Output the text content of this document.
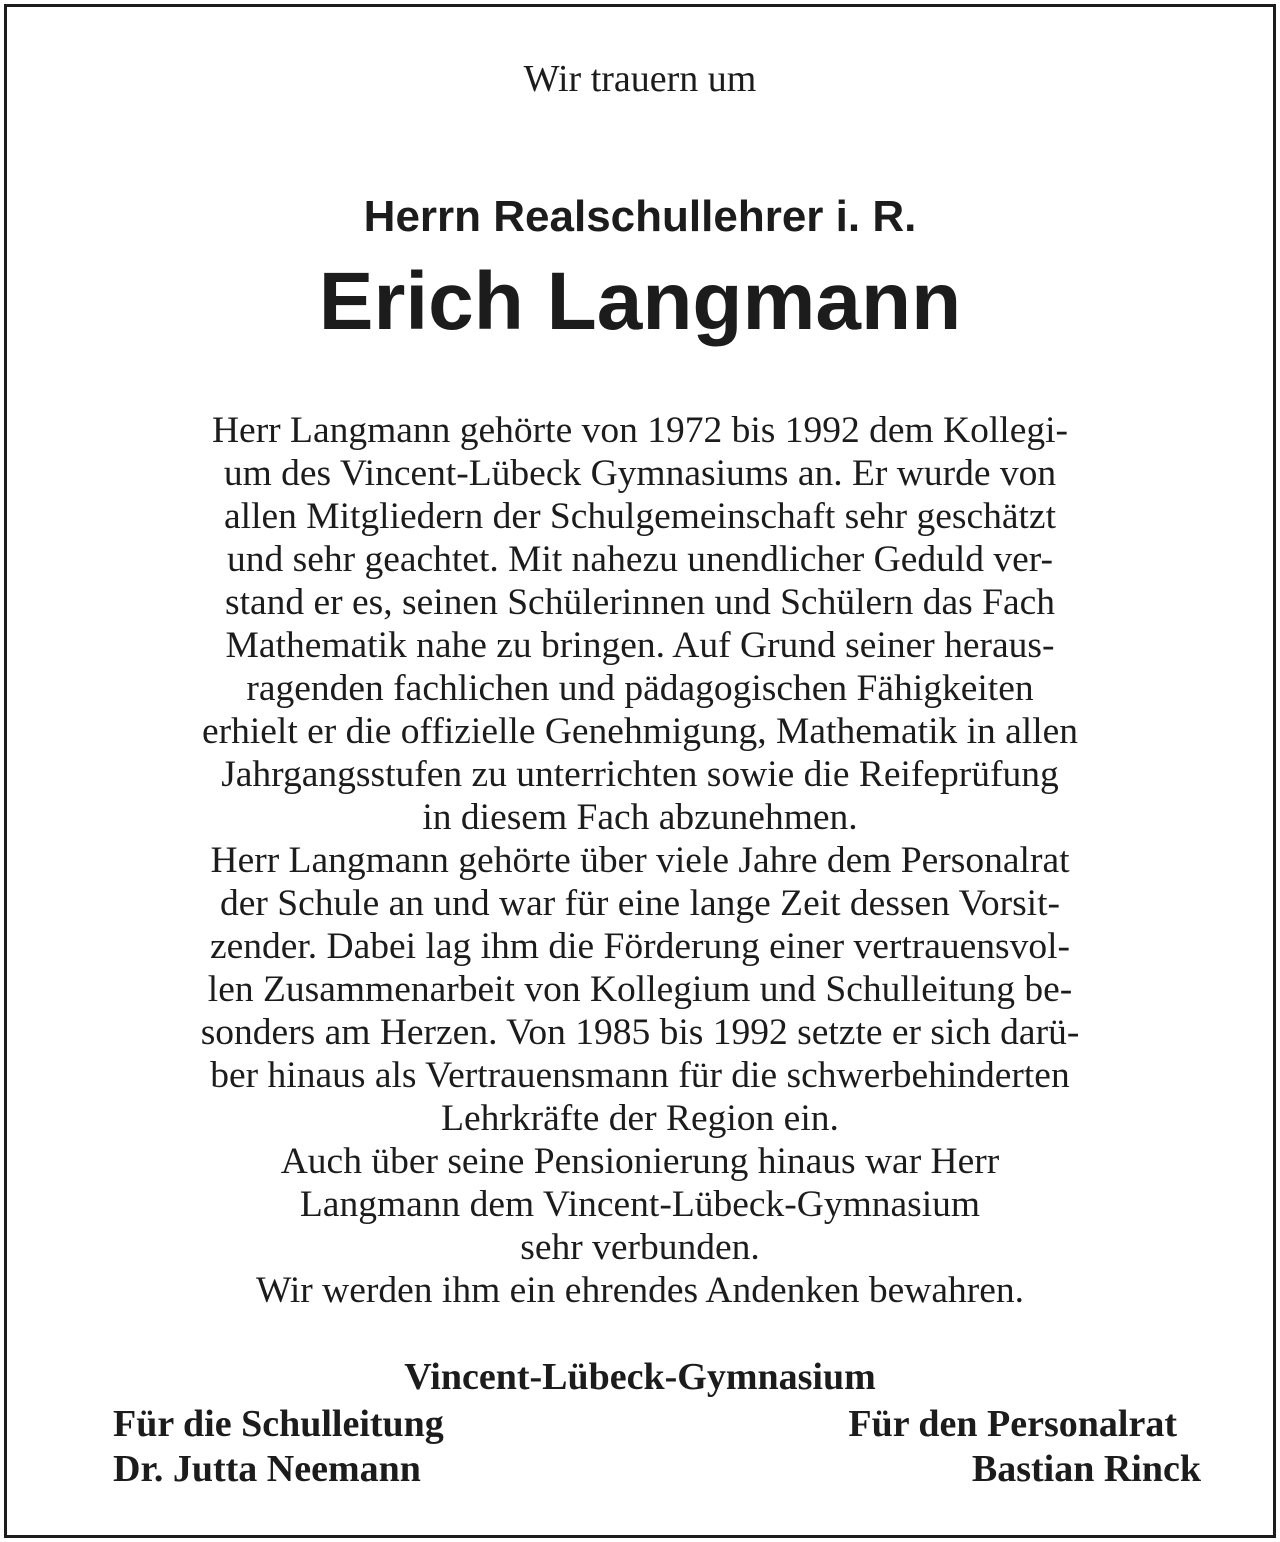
Wir trauern um
Herrn Realschullehrer i. R.
Erich Langmann
Herr Langmann gehörte von 1972 bis 1992 dem Kollegi-
um des Vincent-Lübeck Gymnasiums an. Er wurde von
allen Mitgliedern der Schulgemeinschaft sehr geschätzt
und sehr geachtet. Mit nahezu unendlicher Geduld ver-
stand er es, seinen Schülerinnen und Schülern das Fach
Mathematik nahe zu bringen. Auf Grund seiner heraus-
ragenden fachlichen und pädagogischen Fähigkeiten
erhielt er die offizielle Genehmigung, Mathematik in allen
Jahrgangsstufen zu unterrichten sowie die Reifeprüfung
in diesem Fach abzunehmen.
Herr Langmann gehörte über viele Jahre dem Personalrat
der Schule an und war für eine lange Zeit dessen Vorsit-
zender. Dabei lag ihm die Förderung einer vertrauensvol-
len Zusammenarbeit von Kollegium und Schulleitung be-
sonders am Herzen. Von 1985 bis 1992 setzte er sich darü-
ber hinaus als Vertrauensmann für die schwerbehinderten
Lehrkräfte der Region ein.
Auch über seine Pensionierung hinaus war Herr
Langmann dem Vincent-Lübeck-Gymnasium
sehr verbunden.
Wir werden ihm ein ehrendes Andenken bewahren.
Vincent-Lübeck-Gymnasium
Für die Schulleitung
Dr. Jutta Neemann
Für den Personalrat
Bastian Rinck
